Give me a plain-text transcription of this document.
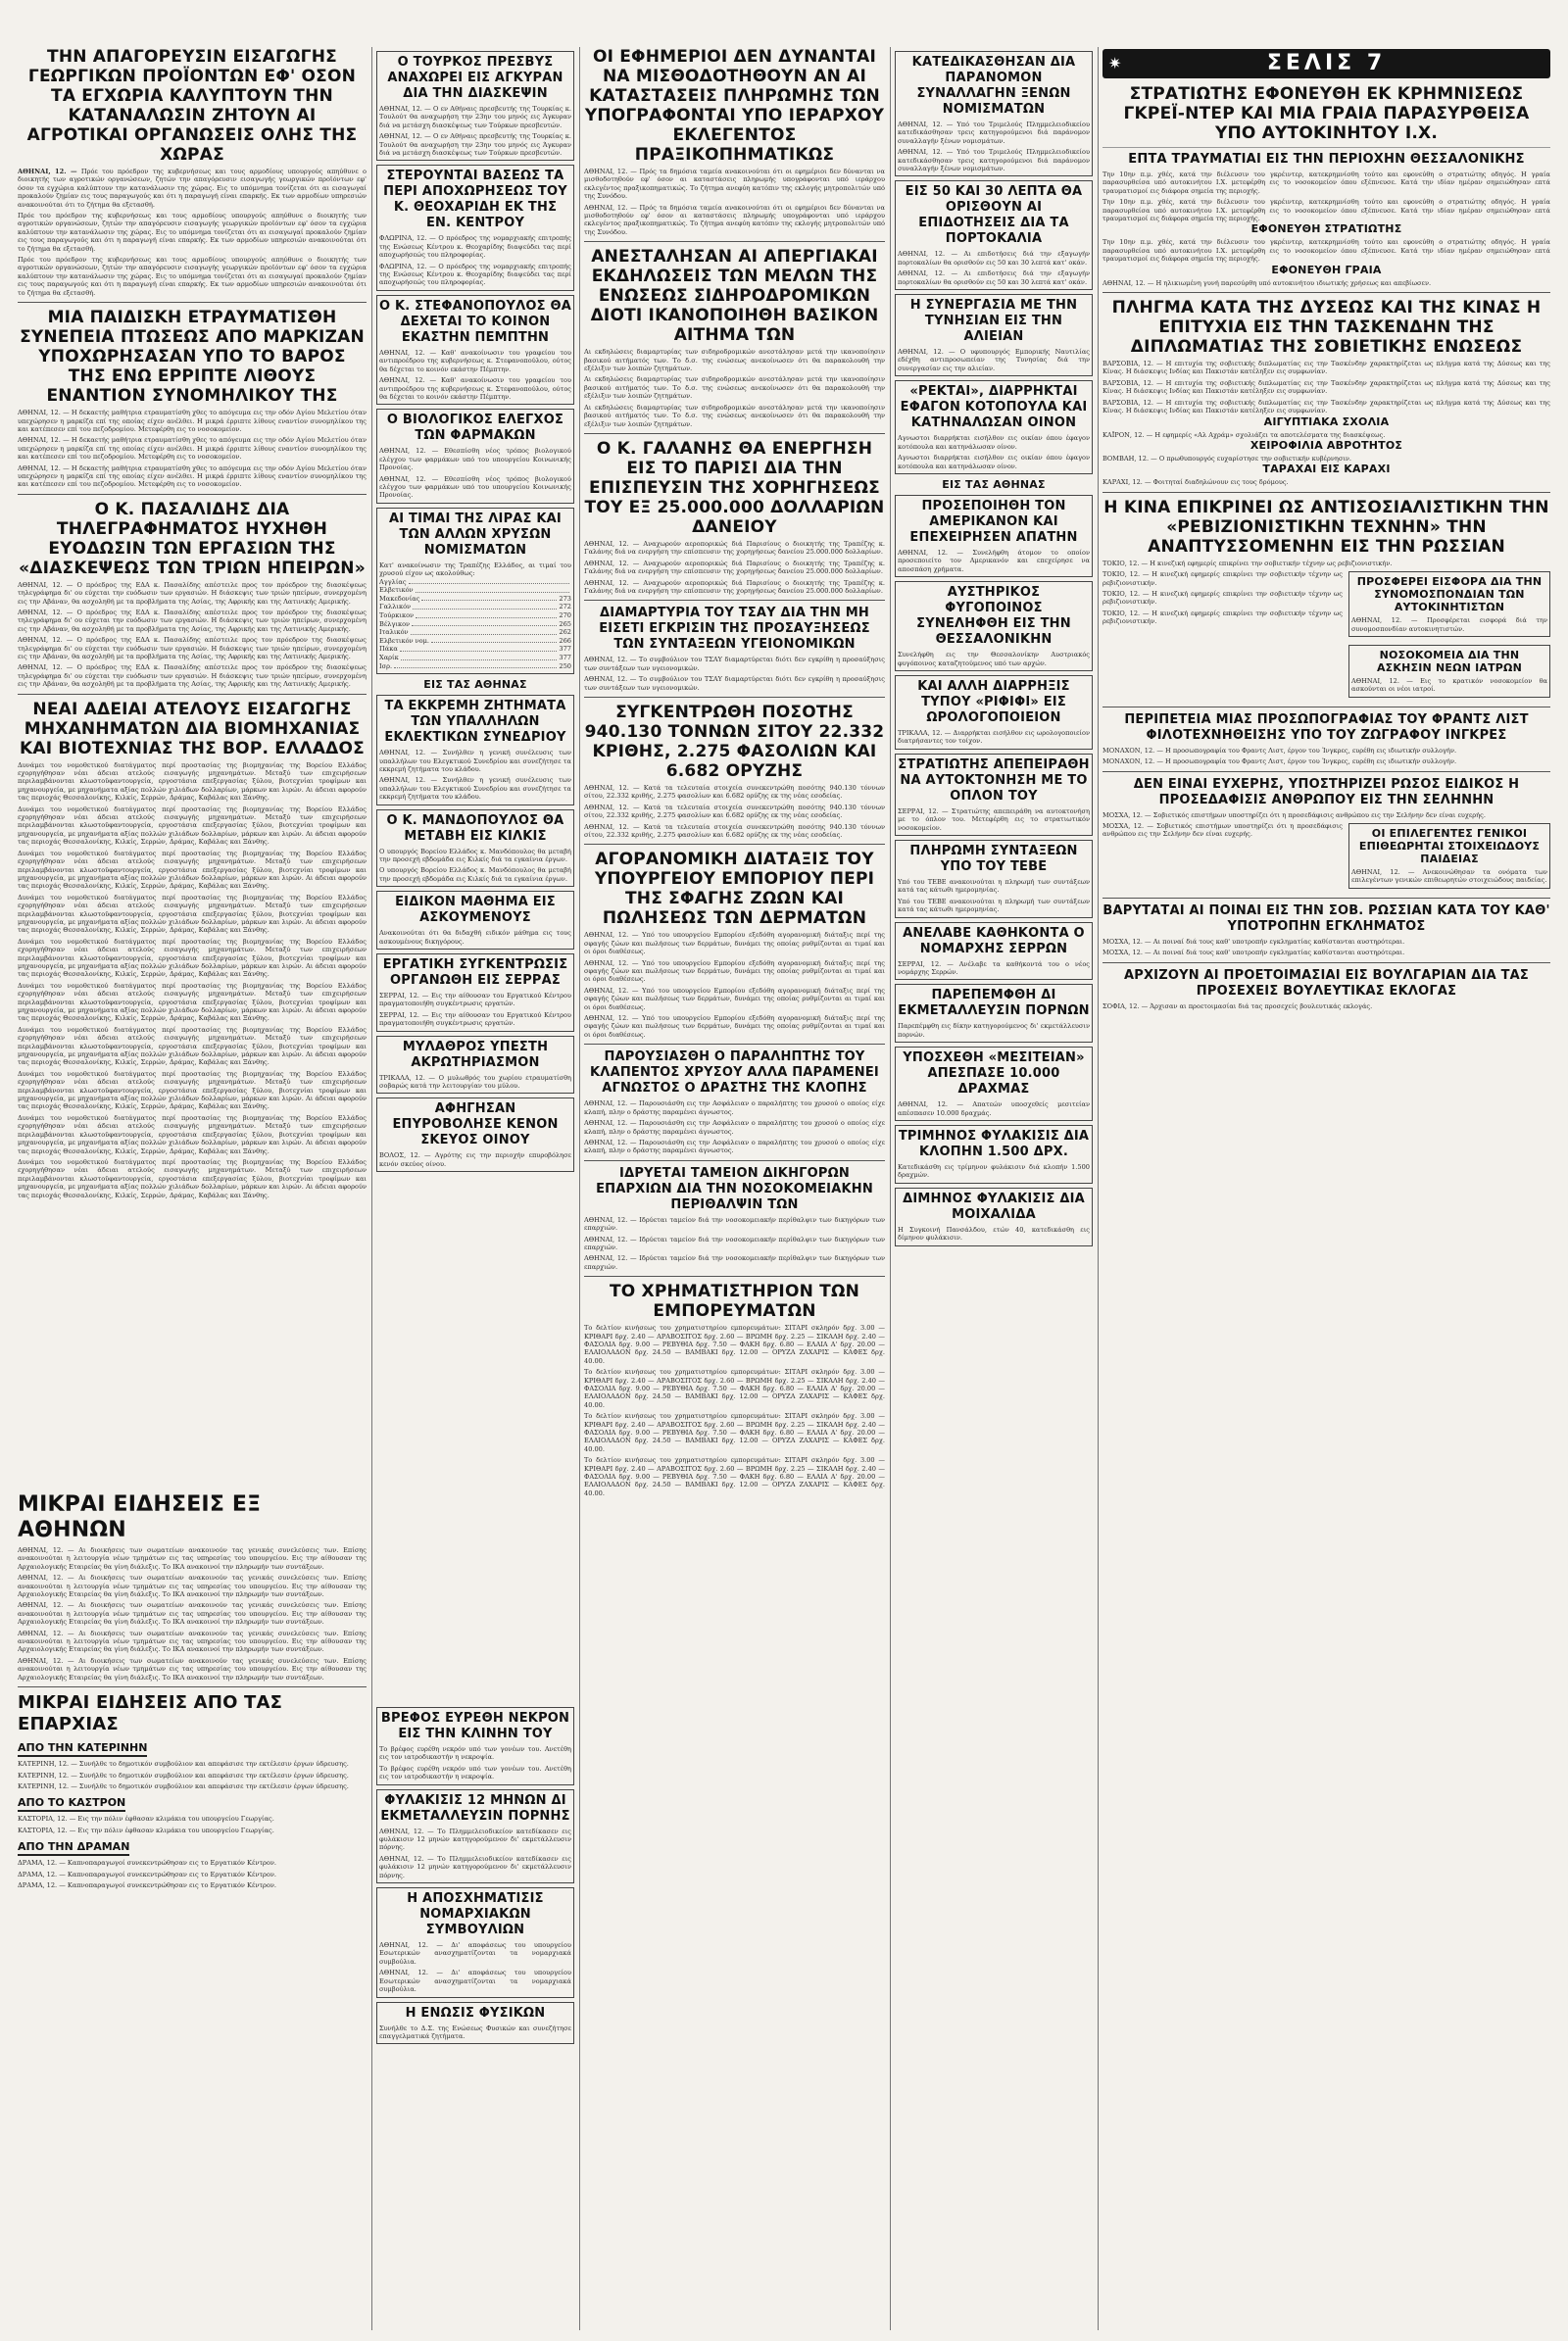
ΤΗΝ ΑΠΑΓΟΡΕΥΣΙΝ ΕΙΣΑΓΩΓΗΣ ΓΕΩΡΓΙΚΩΝ ΠΡΟΪΟΝΤΩΝ ΕΦ' ΟΣΟΝ ΤΑ ΕΓΧΩΡΙΑ ΚΑΛΥΠΤΟΥΝ ΤΗΝ ΚΑΤΑΝΑΛΩΣΙΝ ΖΗΤΟΥΝ ΑΙ ΑΓΡΟΤΙΚΑΙ ΟΡΓΑΝΩΣΕΙΣ ΟΛΗΣ ΤΗΣ ΧΩΡΑΣ
ΑΘΗΝΑΙ, 12. — Πρόε του πρόεδρον της κυβερνήσεως και τους αρμοδίους υπουργούς απηύθυνε ο διοικητής των αγροτικών οργανώσεων, ζητών την απαγόρευσιν εισαγωγής γεωργικών προϊόντων εφ' όσον τα εγχώρια καλύπτουν την κατανάλωσιν της χώρας. Εις το υπόμνημα τονίζεται ότι αι εισαγωγαί προκαλούν ζημίαν εις τους παραγωγούς και ότι η παραγωγή είναι επαρκής. Εκ των αρμοδίων υπηρεσιών ανακοινούται ότι το ζήτημα θα εξετασθή.
Πρόε του πρόεδρον της κυβερνήσεως και τους αρμοδίους υπουργούς απηύθυνε ο διοικητής των αγροτικών οργανώσεων, ζητών την απαγόρευσιν εισαγωγής γεωργικών προϊόντων εφ' όσον τα εγχώρια καλύπτουν την κατανάλωσιν της χώρας. Εις το υπόμνημα τονίζεται ότι αι εισαγωγαί προκαλούν ζημίαν εις τους παραγωγούς και ότι η παραγωγή είναι επαρκής. Εκ των αρμοδίων υπηρεσιών ανακοινούται ότι το ζήτημα θα εξετασθή.
Πρόε του πρόεδρον της κυβερνήσεως και τους αρμοδίους υπουργούς απηύθυνε ο διοικητής των αγροτικών οργανώσεων, ζητών την απαγόρευσιν εισαγωγής γεωργικών προϊόντων εφ' όσον τα εγχώρια καλύπτουν την κατανάλωσιν της χώρας. Εις το υπόμνημα τονίζεται ότι αι εισαγωγαί προκαλούν ζημίαν εις τους παραγωγούς και ότι η παραγωγή είναι επαρκής. Εκ των αρμοδίων υπηρεσιών ανακοινούται ότι το ζήτημα θα εξετασθή.
ΜΙΑ ΠΑΙΔΙΣΚΗ ΕΤΡΑΥΜΑΤΙΣΘΗ ΣΥΝΕΠΕΙΑ ΠΤΩΣΕΩΣ ΑΠΟ ΜΑΡΚΙΖΑΝ ΥΠΟΧΩΡΗΣΑΣΑΝ ΥΠΟ ΤΟ ΒΑΡΟΣ ΤΗΣ ΕΝΩ ΕΡΡΙΠΤΕ ΛΙΘΟΥΣ ΕΝΑΝΤΙΟΝ ΣΥΝΟΜΗΛΙΚΟΥ ΤΗΣ
ΑΘΗΝΑΙ, 12. — Η δεκαετής μαθήτρια ετραυματίσθη χθες το απόγευμα εις την οδόν Αγίου Μελετίου όταν υπεχώρησεν η μαρκίζα επί της οποίας είχεν ανέλθει. Η μικρά έρριπτε λίθους εναντίον συνομηλίκου της και κατέπεσεν επί του πεζοδρομίου. Μετεφέρθη εις το νοσοκομείον.
ΑΘΗΝΑΙ, 12. — Η δεκαετής μαθήτρια ετραυματίσθη χθες το απόγευμα εις την οδόν Αγίου Μελετίου όταν υπεχώρησεν η μαρκίζα επί της οποίας είχεν ανέλθει. Η μικρά έρριπτε λίθους εναντίον συνομηλίκου της και κατέπεσεν επί του πεζοδρομίου. Μετεφέρθη εις το νοσοκομείον.
ΑΘΗΝΑΙ, 12. — Η δεκαετής μαθήτρια ετραυματίσθη χθες το απόγευμα εις την οδόν Αγίου Μελετίου όταν υπεχώρησεν η μαρκίζα επί της οποίας είχεν ανέλθει. Η μικρά έρριπτε λίθους εναντίον συνομηλίκου της και κατέπεσεν επί του πεζοδρομίου. Μετεφέρθη εις το νοσοκομείον.
Ο Κ. ΠΑΣΑΛΙΔΗΣ ΔΙΑ ΤΗΛΕΓΡΑΦΗΜΑΤΟΣ ΗΥΧΗΘΗ ΕΥΟΔΩΣΙΝ ΤΩΝ ΕΡΓΑΣΙΩΝ ΤΗΣ «ΔΙΑΣΚΕΨΕΩΣ ΤΩΝ ΤΡΙΩΝ ΗΠΕΙΡΩΝ»
ΑΘΗΝΑΙ, 12. — Ο πρόεδρος της ΕΔΑ κ. Πασαλίδης απέστειλε προς τον πρόεδρον της διασκέψεως τηλεγράφημα δι' ου εύχεται την ευόδωσιν των εργασιών. Η διάσκεψις των τριών ηπείρων, συνερχομένη εις την Αβάναν, θα ασχοληθή με τα προβλήματα της Ασίας, της Αφρικής και της Λατινικής Αμερικής.
ΑΘΗΝΑΙ, 12. — Ο πρόεδρος της ΕΔΑ κ. Πασαλίδης απέστειλε προς τον πρόεδρον της διασκέψεως τηλεγράφημα δι' ου εύχεται την ευόδωσιν των εργασιών. Η διάσκεψις των τριών ηπείρων, συνερχομένη εις την Αβάναν, θα ασχοληθή με τα προβλήματα της Ασίας, της Αφρικής και της Λατινικής Αμερικής.
ΑΘΗΝΑΙ, 12. — Ο πρόεδρος της ΕΔΑ κ. Πασαλίδης απέστειλε προς τον πρόεδρον της διασκέψεως τηλεγράφημα δι' ου εύχεται την ευόδωσιν των εργασιών. Η διάσκεψις των τριών ηπείρων, συνερχομένη εις την Αβάναν, θα ασχοληθή με τα προβλήματα της Ασίας, της Αφρικής και της Λατινικής Αμερικής.
ΑΘΗΝΑΙ, 12. — Ο πρόεδρος της ΕΔΑ κ. Πασαλίδης απέστειλε προς τον πρόεδρον της διασκέψεως τηλεγράφημα δι' ου εύχεται την ευόδωσιν των εργασιών. Η διάσκεψις των τριών ηπείρων, συνερχομένη εις την Αβάναν, θα ασχοληθή με τα προβλήματα της Ασίας, της Αφρικής και της Λατινικής Αμερικής.
ΝΕΑΙ ΑΔΕΙΑΙ ΑΤΕΛΟΥΣ ΕΙΣΑΓΩΓΗΣ ΜΗΧΑΝΗΜΑΤΩΝ ΔΙΑ ΒΙΟΜΗΧΑΝΙΑΣ ΚΑΙ ΒΙΟΤΕΧΝΙΑΣ ΤΗΣ ΒΟΡ. ΕΛΛΑΔΟΣ
Δυνάμει του νομοθετικού διατάγματος περί προστασίας της βιομηχανίας της Βορείου Ελλάδος εχορηγήθησαν νέαι άδειαι ατελούς εισαγωγής μηχανημάτων. Μεταξύ των επιχειρήσεων περιλαμβάνονται κλωστοϋφαντουργεία, εργοστάσια επεξεργασίας ξύλου, βιοτεχνίαι τροφίμων και μηχανουργεία, με μηχανήματα αξίας πολλών χιλιάδων δολλαρίων, μάρκων και λιρών. Αι άδειαι αφορούν τας περιοχάς Θεσσαλονίκης, Κιλκίς, Σερρών, Δράμας, Καβάλας και Ξάνθης.
Δυνάμει του νομοθετικού διατάγματος περί προστασίας της βιομηχανίας της Βορείου Ελλάδος εχορηγήθησαν νέαι άδειαι ατελούς εισαγωγής μηχανημάτων. Μεταξύ των επιχειρήσεων περιλαμβάνονται κλωστοϋφαντουργεία, εργοστάσια επεξεργασίας ξύλου, βιοτεχνίαι τροφίμων και μηχανουργεία, με μηχανήματα αξίας πολλών χιλιάδων δολλαρίων, μάρκων και λιρών. Αι άδειαι αφορούν τας περιοχάς Θεσσαλονίκης, Κιλκίς, Σερρών, Δράμας, Καβάλας και Ξάνθης.
Δυνάμει του νομοθετικού διατάγματος περί προστασίας της βιομηχανίας της Βορείου Ελλάδος εχορηγήθησαν νέαι άδειαι ατελούς εισαγωγής μηχανημάτων. Μεταξύ των επιχειρήσεων περιλαμβάνονται κλωστοϋφαντουργεία, εργοστάσια επεξεργασίας ξύλου, βιοτεχνίαι τροφίμων και μηχανουργεία, με μηχανήματα αξίας πολλών χιλιάδων δολλαρίων, μάρκων και λιρών. Αι άδειαι αφορούν τας περιοχάς Θεσσαλονίκης, Κιλκίς, Σερρών, Δράμας, Καβάλας και Ξάνθης.
Δυνάμει του νομοθετικού διατάγματος περί προστασίας της βιομηχανίας της Βορείου Ελλάδος εχορηγήθησαν νέαι άδειαι ατελούς εισαγωγής μηχανημάτων. Μεταξύ των επιχειρήσεων περιλαμβάνονται κλωστοϋφαντουργεία, εργοστάσια επεξεργασίας ξύλου, βιοτεχνίαι τροφίμων και μηχανουργεία, με μηχανήματα αξίας πολλών χιλιάδων δολλαρίων, μάρκων και λιρών. Αι άδειαι αφορούν τας περιοχάς Θεσσαλονίκης, Κιλκίς, Σερρών, Δράμας, Καβάλας και Ξάνθης.
Δυνάμει του νομοθετικού διατάγματος περί προστασίας της βιομηχανίας της Βορείου Ελλάδος εχορηγήθησαν νέαι άδειαι ατελούς εισαγωγής μηχανημάτων. Μεταξύ των επιχειρήσεων περιλαμβάνονται κλωστοϋφαντουργεία, εργοστάσια επεξεργασίας ξύλου, βιοτεχνίαι τροφίμων και μηχανουργεία, με μηχανήματα αξίας πολλών χιλιάδων δολλαρίων, μάρκων και λιρών. Αι άδειαι αφορούν τας περιοχάς Θεσσαλονίκης, Κιλκίς, Σερρών, Δράμας, Καβάλας και Ξάνθης.
Δυνάμει του νομοθετικού διατάγματος περί προστασίας της βιομηχανίας της Βορείου Ελλάδος εχορηγήθησαν νέαι άδειαι ατελούς εισαγωγής μηχανημάτων. Μεταξύ των επιχειρήσεων περιλαμβάνονται κλωστοϋφαντουργεία, εργοστάσια επεξεργασίας ξύλου, βιοτεχνίαι τροφίμων και μηχανουργεία, με μηχανήματα αξίας πολλών χιλιάδων δολλαρίων, μάρκων και λιρών. Αι άδειαι αφορούν τας περιοχάς Θεσσαλονίκης, Κιλκίς, Σερρών, Δράμας, Καβάλας και Ξάνθης.
Δυνάμει του νομοθετικού διατάγματος περί προστασίας της βιομηχανίας της Βορείου Ελλάδος εχορηγήθησαν νέαι άδειαι ατελούς εισαγωγής μηχανημάτων. Μεταξύ των επιχειρήσεων περιλαμβάνονται κλωστοϋφαντουργεία, εργοστάσια επεξεργασίας ξύλου, βιοτεχνίαι τροφίμων και μηχανουργεία, με μηχανήματα αξίας πολλών χιλιάδων δολλαρίων, μάρκων και λιρών. Αι άδειαι αφορούν τας περιοχάς Θεσσαλονίκης, Κιλκίς, Σερρών, Δράμας, Καβάλας και Ξάνθης.
Δυνάμει του νομοθετικού διατάγματος περί προστασίας της βιομηχανίας της Βορείου Ελλάδος εχορηγήθησαν νέαι άδειαι ατελούς εισαγωγής μηχανημάτων. Μεταξύ των επιχειρήσεων περιλαμβάνονται κλωστοϋφαντουργεία, εργοστάσια επεξεργασίας ξύλου, βιοτεχνίαι τροφίμων και μηχανουργεία, με μηχανήματα αξίας πολλών χιλιάδων δολλαρίων, μάρκων και λιρών. Αι άδειαι αφορούν τας περιοχάς Θεσσαλονίκης, Κιλκίς, Σερρών, Δράμας, Καβάλας και Ξάνθης.
Δυνάμει του νομοθετικού διατάγματος περί προστασίας της βιομηχανίας της Βορείου Ελλάδος εχορηγήθησαν νέαι άδειαι ατελούς εισαγωγής μηχανημάτων. Μεταξύ των επιχειρήσεων περιλαμβάνονται κλωστοϋφαντουργεία, εργοστάσια επεξεργασίας ξύλου, βιοτεχνίαι τροφίμων και μηχανουργεία, με μηχανήματα αξίας πολλών χιλιάδων δολλαρίων, μάρκων και λιρών. Αι άδειαι αφορούν τας περιοχάς Θεσσαλονίκης, Κιλκίς, Σερρών, Δράμας, Καβάλας και Ξάνθης.
Δυνάμει του νομοθετικού διατάγματος περί προστασίας της βιομηχανίας της Βορείου Ελλάδος εχορηγήθησαν νέαι άδειαι ατελούς εισαγωγής μηχανημάτων. Μεταξύ των επιχειρήσεων περιλαμβάνονται κλωστοϋφαντουργεία, εργοστάσια επεξεργασίας ξύλου, βιοτεχνίαι τροφίμων και μηχανουργεία, με μηχανήματα αξίας πολλών χιλιάδων δολλαρίων, μάρκων και λιρών. Αι άδειαι αφορούν τας περιοχάς Θεσσαλονίκης, Κιλκίς, Σερρών, Δράμας, Καβάλας και Ξάνθης.
ΜΙΚΡΑΙ ΕΙΔΗΣΕΙΣ ΕΞ ΑΘΗΝΩΝ
ΑΘΗΝΑΙ, 12. — Αι διοικήσεις των σωματείων ανακοινούν τας γενικάς συνελεύσεις των. Επίσης ανακοινούται η λειτουργία νέων τμημάτων εις τας υπηρεσίας του υπουργείου. Εις την αίθουσαν της Αρχαιολογικής Εταιρείας θα γίνη διάλεξις. Το ΙΚΑ ανακοινοί την πληρωμήν των συντάξεων.
ΑΘΗΝΑΙ, 12. — Αι διοικήσεις των σωματείων ανακοινούν τας γενικάς συνελεύσεις των. Επίσης ανακοινούται η λειτουργία νέων τμημάτων εις τας υπηρεσίας του υπουργείου. Εις την αίθουσαν της Αρχαιολογικής Εταιρείας θα γίνη διάλεξις. Το ΙΚΑ ανακοινοί την πληρωμήν των συντάξεων.
ΑΘΗΝΑΙ, 12. — Αι διοικήσεις των σωματείων ανακοινούν τας γενικάς συνελεύσεις των. Επίσης ανακοινούται η λειτουργία νέων τμημάτων εις τας υπηρεσίας του υπουργείου. Εις την αίθουσαν της Αρχαιολογικής Εταιρείας θα γίνη διάλεξις. Το ΙΚΑ ανακοινοί την πληρωμήν των συντάξεων.
ΑΘΗΝΑΙ, 12. — Αι διοικήσεις των σωματείων ανακοινούν τας γενικάς συνελεύσεις των. Επίσης ανακοινούται η λειτουργία νέων τμημάτων εις τας υπηρεσίας του υπουργείου. Εις την αίθουσαν της Αρχαιολογικής Εταιρείας θα γίνη διάλεξις. Το ΙΚΑ ανακοινοί την πληρωμήν των συντάξεων.
ΑΘΗΝΑΙ, 12. — Αι διοικήσεις των σωματείων ανακοινούν τας γενικάς συνελεύσεις των. Επίσης ανακοινούται η λειτουργία νέων τμημάτων εις τας υπηρεσίας του υπουργείου. Εις την αίθουσαν της Αρχαιολογικής Εταιρείας θα γίνη διάλεξις. Το ΙΚΑ ανακοινοί την πληρωμήν των συντάξεων.
ΜΙΚΡΑΙ ΕΙΔΗΣΕΙΣ ΑΠΟ ΤΑΣ ΕΠΑΡΧΙΑΣ
ΑΠΟ ΤΗΝ ΚΑΤΕΡΙΝΗΝ
ΚΑΤΕΡΙΝΗ, 12. — Συνήλθε το δημοτικόν συμβούλιον και απεφάσισε την εκτέλεσιν έργων ύδρευσης.
ΚΑΤΕΡΙΝΗ, 12. — Συνήλθε το δημοτικόν συμβούλιον και απεφάσισε την εκτέλεσιν έργων ύδρευσης.
ΚΑΤΕΡΙΝΗ, 12. — Συνήλθε το δημοτικόν συμβούλιον και απεφάσισε την εκτέλεσιν έργων ύδρευσης.
ΑΠΟ ΤΟ ΚΑΣΤΡΟΝ
ΚΑΣΤΟΡΙΑ, 12. — Εις την πόλιν έφθασαν κλιμάκια του υπουργείου Γεωργίας.
ΚΑΣΤΟΡΙΑ, 12. — Εις την πόλιν έφθασαν κλιμάκια του υπουργείου Γεωργίας.
ΑΠΟ ΤΗΝ ΔΡΑΜΑΝ
ΔΡΑΜΑ, 12. — Καπνοπαραγωγοί συνεκεντρώθησαν εις το Εργατικόν Κέντρον.
ΔΡΑΜΑ, 12. — Καπνοπαραγωγοί συνεκεντρώθησαν εις το Εργατικόν Κέντρον.
ΔΡΑΜΑ, 12. — Καπνοπαραγωγοί συνεκεντρώθησαν εις το Εργατικόν Κέντρον.
Ο ΤΟΥΡΚΟΣ ΠΡΕΣΒΥΣ ΑΝΑΧΩΡΕΙ ΕΙΣ ΑΓΚΥΡΑΝ ΔΙΑ ΤΗΝ ΔΙΑΣΚΕΨΙΝ
ΑΘΗΝΑΙ, 12. — Ο εν Αθήναις πρεσβευτής της Τουρκίας κ. Τουλούτ θα αναχωρήση την 23ην του μηνός εις Άγκυραν διά να μετάσχη διασκέψεως των Τούρκων πρεσβευτών.
ΑΘΗΝΑΙ, 12. — Ο εν Αθήναις πρεσβευτής της Τουρκίας κ. Τουλούτ θα αναχωρήση την 23ην του μηνός εις Άγκυραν διά να μετάσχη διασκέψεως των Τούρκων πρεσβευτών.
ΣΤΕΡΟΥΝΤΑΙ ΒΑΣΕΩΣ ΤΑ ΠΕΡΙ ΑΠΟΧΩΡΗΣΕΩΣ ΤΟΥ Κ. ΘΕΟΧΑΡΙΔΗ ΕΚ ΤΗΣ ΕΝ. ΚΕΝΤΡΟΥ
ΦΛΩΡΙΝΑ, 12. — Ο πρόεδρος της νομαρχιακής επιτροπής της Ενώσεως Κέντρου κ. Θεοχαρίδης διαψεύδει τας περί αποχωρήσεώς του πληροφορίας.
ΦΛΩΡΙΝΑ, 12. — Ο πρόεδρος της νομαρχιακής επιτροπής της Ενώσεως Κέντρου κ. Θεοχαρίδης διαψεύδει τας περί αποχωρήσεώς του πληροφορίας.
Ο Κ. ΣΤΕΦΑΝΟΠΟΥΛΟΣ ΘΑ ΔΕΧΕΤΑΙ ΤΟ ΚΟΙΝΟΝ ΕΚΑΣΤΗΝ ΠΕΜΠΤΗΝ
ΑΘΗΝΑΙ, 12. — Καθ' ανακοίνωσιν του γραφείου του αντιπροέδρου της κυβερνήσεως κ. Στεφανοπούλου, ούτος θα δέχεται το κοινόν εκάστην Πέμπτην.
ΑΘΗΝΑΙ, 12. — Καθ' ανακοίνωσιν του γραφείου του αντιπροέδρου της κυβερνήσεως κ. Στεφανοπούλου, ούτος θα δέχεται το κοινόν εκάστην Πέμπτην.
Ο ΒΙΟΛΟΓΙΚΟΣ ΕΛΕΓΧΟΣ ΤΩΝ ΦΑΡΜΑΚΩΝ
ΑΘΗΝΑΙ, 12. — Εθεσπίσθη νέος τρόπος βιολογικού ελέγχου των φαρμάκων υπό του υπουργείου Κοινωνικής Προνοίας.
ΑΘΗΝΑΙ, 12. — Εθεσπίσθη νέος τρόπος βιολογικού ελέγχου των φαρμάκων υπό του υπουργείου Κοινωνικής Προνοίας.
ΑΙ ΤΙΜΑΙ ΤΗΣ ΛΙΡΑΣ ΚΑΙ ΤΩΝ ΑΛΛΩΝ ΧΡΥΣΩΝ ΝΟΜΙΣΜΑΤΩΝ
Κατ' ανακοίνωσιν της Τραπέζης Ελλάδος, αι τιμαί του χρυσού είχον ως ακολούθως:
Αγγλίας
Ελβετικόν
Μακεδονίας	273
Γαλλικόν	272
Τούρκικον	270
Βέλγικον	265
Ιταλικόν	262
Ελβετικόν νομ.	266
Πάκα	377
Χαρίκ	377
Ισρ.	250
ΕΙΣ ΤΑΣ ΑΘΗΝΑΣ
ΤΑ ΕΚΚΡΕΜΗ ΖΗΤΗΜΑΤΑ ΤΩΝ ΥΠΑΛΛΗΛΩΝ ΕΚΛΕΚΤΙΚΩΝ ΣΥΝΕΔΡΙΟΥ
ΑΘΗΝΑΙ, 12. — Συνήλθεν η γενική συνέλευσις των υπαλλήλων του Ελεγκτικού Συνεδρίου και συνεζήτησε τα εκκρεμή ζητήματα του κλάδου.
ΑΘΗΝΑΙ, 12. — Συνήλθεν η γενική συνέλευσις των υπαλλήλων του Ελεγκτικού Συνεδρίου και συνεζήτησε τα εκκρεμή ζητήματα του κλάδου.
Ο Κ. ΜΑΝΔΟΠΟΥΛΟΣ ΘΑ ΜΕΤΑΒΗ ΕΙΣ ΚΙΛΚΙΣ
Ο υπουργός Βορείου Ελλάδος κ. Μανδόπουλος θα μεταβή την προσεχή εβδομάδα εις Κιλκίς διά τα εγκαίνια έργων.
Ο υπουργός Βορείου Ελλάδος κ. Μανδόπουλος θα μεταβή την προσεχή εβδομάδα εις Κιλκίς διά τα εγκαίνια έργων.
ΕΙΔΙΚΟΝ ΜΑΘΗΜΑ ΕΙΣ ΑΣΚΟΥΜΕΝΟΥΣ
Ανακοινούται ότι θα διδαχθή ειδικόν μάθημα εις τους ασκουμένους δικηγόρους.
ΕΡΓΑΤΙΚΗ ΣΥΓΚΕΝΤΡΩΣΙΣ ΟΡΓΑΝΩΘΗ ΕΙΣ ΣΕΡΡΑΣ
ΣΕΡΡΑΙ, 12. — Εις την αίθουσαν του Εργατικού Κέντρου πραγματοποιήθη συγκέντρωσις εργατών.
ΣΕΡΡΑΙ, 12. — Εις την αίθουσαν του Εργατικού Κέντρου πραγματοποιήθη συγκέντρωσις εργατών.
ΜΥΛΑΘΡΟΣ ΥΠΕΣΤΗ ΑΚΡΩΤΗΡΙΑΣΜΟΝ
ΤΡΙΚΑΛΑ, 12. — Ο μυλωθρός του χωρίου ετραυματίσθη σοβαρώς κατά την λειτουργίαν του μύλου.
ΑΦΗΓΗΣΑΝ ΕΠΥΡΟΒΟΛΗΣΕ ΚΕΝΟΝ ΣΚΕΥΟΣ ΟΙΝΟΥ
ΒΟΛΟΣ, 12. — Αγρότης εις την περιοχήν επυροβόλησε κενόν σκεύος οίνου.
ΒΡΕΦΟΣ ΕΥΡΕΘΗ ΝΕΚΡΟΝ ΕΙΣ ΤΗΝ ΚΛΙΝΗΝ ΤΟΥ
Το βρέφος ευρέθη νεκρόν υπό των γονέων του. Ανετέθη εις τον ιατροδικαστήν η νεκροψία.
Το βρέφος ευρέθη νεκρόν υπό των γονέων του. Ανετέθη εις τον ιατροδικαστήν η νεκροψία.
ΦΥΛΑΚΙΣΙΣ 12 ΜΗΝΩΝ ΔΙ ΕΚΜΕΤΑΛΛΕΥΣΙΝ ΠΟΡΝΗΣ
ΑΘΗΝΑΙ, 12. — Το Πλημμελειοδικείον κατεδίκασεν εις φυλάκισιν 12 μηνών κατηγορούμενον δι' εκμετάλλευσιν πόρνης.
ΑΘΗΝΑΙ, 12. — Το Πλημμελειοδικείον κατεδίκασεν εις φυλάκισιν 12 μηνών κατηγορούμενον δι' εκμετάλλευσιν πόρνης.
Η ΑΠΟΣΧΗΜΑΤΙΣΙΣ ΝΟΜΑΡΧΙΑΚΩΝ ΣΥΜΒΟΥΛΙΩΝ
ΑΘΗΝΑΙ, 12. — Δι' αποφάσεως του υπουργείου Εσωτερικών ανασχηματίζονται τα νομαρχιακά συμβούλια.
ΑΘΗΝΑΙ, 12. — Δι' αποφάσεως του υπουργείου Εσωτερικών ανασχηματίζονται τα νομαρχιακά συμβούλια.
Η ΕΝΩΣΙΣ ΦΥΣΙΚΩΝ
Συνήλθε το Δ.Σ. της Ενώσεως Φυσικών και συνεζήτησε επαγγελματικά ζητήματα.
ΟΙ ΕΦΗΜΕΡΙΟΙ ΔΕΝ ΔΥΝΑΝΤΑΙ ΝΑ ΜΙΣΘΟΔΟΤΗΘΟΥΝ ΑΝ ΑΙ ΚΑΤΑΣΤΑΣΕΙΣ ΠΛΗΡΩΜΗΣ ΤΩΝ ΥΠΟΓΡΑΦΟΝΤΑΙ ΥΠΟ ΙΕΡΑΡΧΟΥ ΕΚΛΕΓΕΝΤΟΣ ΠΡΑΞΙΚΟΠΗΜΑΤΙΚΩΣ
ΑΘΗΝΑΙ, 12. — Πρός τα δημόσια ταμεία ανακοινούται ότι οι εφημέριοι δεν δύνανται να μισθοδοτηθούν εφ' όσον αι καταστάσεις πληρωμής υπογράφονται υπό ιεράρχου εκλεγέντος πραξικοπηματικώς. Το ζήτημα ανεφύη κατόπιν της εκλογής μητροπολιτών υπό της Συνόδου.
ΑΘΗΝΑΙ, 12. — Πρός τα δημόσια ταμεία ανακοινούται ότι οι εφημέριοι δεν δύνανται να μισθοδοτηθούν εφ' όσον αι καταστάσεις πληρωμής υπογράφονται υπό ιεράρχου εκλεγέντος πραξικοπηματικώς. Το ζήτημα ανεφύη κατόπιν της εκλογής μητροπολιτών υπό της Συνόδου.
ΑΝΕΣΤΑΛΗΣΑΝ ΑΙ ΑΠΕΡΓΙΑΚΑΙ ΕΚΔΗΛΩΣΕΙΣ ΤΩΝ ΜΕΛΩΝ ΤΗΣ ΕΝΩΣΕΩΣ ΣΙΔΗΡΟΔΡΟΜΙΚΩΝ ΔΙΟΤΙ ΙΚΑΝΟΠΟΙΗΘΗ ΒΑΣΙΚΟΝ ΑΙΤΗΜΑ ΤΩΝ
Αι εκδηλώσεις διαμαρτυρίας των σιδηροδρομικών ανεστάλησαν μετά την ικανοποίησιν βασικού αιτήματός των. Το δ.σ. της ενώσεως ανεκοίνωσεν ότι θα παρακολουθή την εξέλιξιν των λοιπών ζητημάτων.
Αι εκδηλώσεις διαμαρτυρίας των σιδηροδρομικών ανεστάλησαν μετά την ικανοποίησιν βασικού αιτήματός των. Το δ.σ. της ενώσεως ανεκοίνωσεν ότι θα παρακολουθή την εξέλιξιν των λοιπών ζητημάτων.
Αι εκδηλώσεις διαμαρτυρίας των σιδηροδρομικών ανεστάλησαν μετά την ικανοποίησιν βασικού αιτήματός των. Το δ.σ. της ενώσεως ανεκοίνωσεν ότι θα παρακολουθή την εξέλιξιν των λοιπών ζητημάτων.
Ο Κ. ΓΑΛΑΝΗΣ ΘΑ ΕΝΕΡΓΗΣΗ ΕΙΣ ΤΟ ΠΑΡΙΣΙ ΔΙΑ ΤΗΝ ΕΠΙΣΠΕΥΣΙΝ ΤΗΣ ΧΟΡΗΓΗΣΕΩΣ ΤΟΥ ΕΞ 25.000.000 ΔΟΛΛΑΡΙΩΝ ΔΑΝΕΙΟΥ
ΑΘΗΝΑΙ, 12. — Αναχωρούν αεροπορικώς διά Παρισίους ο διοικητής της Τραπέζης κ. Γαλάνης διά να ενεργήση την επίσπευσιν της χορηγήσεως δανείου 25.000.000 δολλαρίων.
ΑΘΗΝΑΙ, 12. — Αναχωρούν αεροπορικώς διά Παρισίους ο διοικητής της Τραπέζης κ. Γαλάνης διά να ενεργήση την επίσπευσιν της χορηγήσεως δανείου 25.000.000 δολλαρίων.
ΑΘΗΝΑΙ, 12. — Αναχωρούν αεροπορικώς διά Παρισίους ο διοικητής της Τραπέζης κ. Γαλάνης διά να ενεργήση την επίσπευσιν της χορηγήσεως δανείου 25.000.000 δολλαρίων.
ΔΙΑΜΑΡΤΥΡΙΑ ΤΟΥ ΤΣΑΥ ΔΙΑ ΤΗΝ ΜΗ ΕΙΣΕΤΙ ΕΓΚΡΙΣΙΝ ΤΗΣ ΠΡΟΣΑΥΞΗΣΕΩΣ ΤΩΝ ΣΥΝΤΑΞΕΩΝ ΥΓΕΙΟΝΟΜΙΚΩΝ
ΑΘΗΝΑΙ, 12. — Το συμβούλιον του ΤΣΑΥ διαμαρτύρεται διότι δεν εγκρίθη η προσαύξησις των συντάξεων των υγειονομικών.
ΑΘΗΝΑΙ, 12. — Το συμβούλιον του ΤΣΑΥ διαμαρτύρεται διότι δεν εγκρίθη η προσαύξησις των συντάξεων των υγειονομικών.
ΣΥΓΚΕΝΤΡΩΘΗ ΠΟΣΟΤΗΣ 940.130 ΤΟΝΝΩΝ ΣΙΤΟΥ 22.332 ΚΡΙΘΗΣ, 2.275 ΦΑΣΟΛΙΩΝ ΚΑΙ 6.682 ΟΡΥΖΗΣ
ΑΘΗΝΑΙ, 12. — Κατά τα τελευταία στοιχεία συνεκεντρώθη ποσότης 940.130 τόννων σίτου, 22.332 κριθής, 2.275 φασολίων και 6.682 ορύζης εκ της νέας εσοδείας.
ΑΘΗΝΑΙ, 12. — Κατά τα τελευταία στοιχεία συνεκεντρώθη ποσότης 940.130 τόννων σίτου, 22.332 κριθής, 2.275 φασολίων και 6.682 ορύζης εκ της νέας εσοδείας.
ΑΘΗΝΑΙ, 12. — Κατά τα τελευταία στοιχεία συνεκεντρώθη ποσότης 940.130 τόννων σίτου, 22.332 κριθής, 2.275 φασολίων και 6.682 ορύζης εκ της νέας εσοδείας.
ΑΓΟΡΑΝΟΜΙΚΗ ΔΙΑΤΑΞΙΣ ΤΟΥ ΥΠΟΥΡΓΕΙΟΥ ΕΜΠΟΡΙΟΥ ΠΕΡΙ ΤΗΣ ΣΦΑΓΗΣ ΖΩΩΝ ΚΑΙ ΠΩΛΗΣΕΩΣ ΤΩΝ ΔΕΡΜΑΤΩΝ
ΑΘΗΝΑΙ, 12. — Υπό του υπουργείου Εμπορίου εξεδόθη αγορανομική διάταξις περί της σφαγής ζώων και πωλήσεως των δερμάτων, δυνάμει της οποίας ρυθμίζονται αι τιμαί και οι όροι διαθέσεως.
ΑΘΗΝΑΙ, 12. — Υπό του υπουργείου Εμπορίου εξεδόθη αγορανομική διάταξις περί της σφαγής ζώων και πωλήσεως των δερμάτων, δυνάμει της οποίας ρυθμίζονται αι τιμαί και οι όροι διαθέσεως.
ΑΘΗΝΑΙ, 12. — Υπό του υπουργείου Εμπορίου εξεδόθη αγορανομική διάταξις περί της σφαγής ζώων και πωλήσεως των δερμάτων, δυνάμει της οποίας ρυθμίζονται αι τιμαί και οι όροι διαθέσεως.
ΑΘΗΝΑΙ, 12. — Υπό του υπουργείου Εμπορίου εξεδόθη αγορανομική διάταξις περί της σφαγής ζώων και πωλήσεως των δερμάτων, δυνάμει της οποίας ρυθμίζονται αι τιμαί και οι όροι διαθέσεως.
ΠΑΡΟΥΣΙΑΣΘΗ Ο ΠΑΡΑΛΗΠΤΗΣ ΤΟΥ ΚΛΑΠΕΝΤΟΣ ΧΡΥΣΟΥ ΑΛΛΑ ΠΑΡΑΜΕΝΕΙ ΑΓΝΩΣΤΟΣ Ο ΔΡΑΣΤΗΣ ΤΗΣ ΚΛΟΠΗΣ
ΑΘΗΝΑΙ, 12. — Παρουσιάσθη εις την Ασφάλειαν ο παραλήπτης του χρυσού ο οποίος είχε κλαπή, πλην ο δράστης παραμένει άγνωστος.
ΑΘΗΝΑΙ, 12. — Παρουσιάσθη εις την Ασφάλειαν ο παραλήπτης του χρυσού ο οποίος είχε κλαπή, πλην ο δράστης παραμένει άγνωστος.
ΑΘΗΝΑΙ, 12. — Παρουσιάσθη εις την Ασφάλειαν ο παραλήπτης του χρυσού ο οποίος είχε κλαπή, πλην ο δράστης παραμένει άγνωστος.
ΙΔΡΥΕΤΑΙ ΤΑΜΕΙΟΝ ΔΙΚΗΓΟΡΩΝ ΕΠΑΡΧΙΩΝ ΔΙΑ ΤΗΝ ΝΟΣΟΚΟΜΕΙΑΚΗΝ ΠΕΡΙΘΑΛΨΙΝ ΤΩΝ
ΑΘΗΝΑΙ, 12. — Ιδρύεται ταμείον διά την νοσοκομειακήν περίθαλψιν των δικηγόρων των επαρχιών.
ΑΘΗΝΑΙ, 12. — Ιδρύεται ταμείον διά την νοσοκομειακήν περίθαλψιν των δικηγόρων των επαρχιών.
ΑΘΗΝΑΙ, 12. — Ιδρύεται ταμείον διά την νοσοκομειακήν περίθαλψιν των δικηγόρων των επαρχιών.
ΤΟ ΧΡΗΜΑΤΙΣΤΗΡΙΟΝ ΤΩΝ ΕΜΠΟΡΕΥΜΑΤΩΝ
Το δελτίον κινήσεως του χρηματιστηρίου εμπορευμάτων: ΣΙΤΑΡΙ σκληρόν δρχ. 3.00 — ΚΡΙΘΑΡΙ δρχ. 2.40 — ΑΡΑΒΟΣΙΤΟΣ δρχ. 2.60 — ΒΡΩΜΗ δρχ. 2.25 — ΣΙΚΑΛΗ δρχ. 2.40 — ΦΑΣΟΛΙΑ δρχ. 9.00 — ΡΕΒΥΘΙΑ δρχ. 7.50 — ΦΑΚΗ δρχ. 6.80 — ΕΛΑΙΑ Α' δρχ. 20.00 — ΕΛΑΙΟΛΑΔΟΝ δρχ. 24.50 — ΒΑΜΒΑΚΙ δρχ. 12.00 — ΟΡΥΖΑ ΖΑΧΑΡΙΣ — ΚΑΦΕΣ δρχ. 40.00.
Το δελτίον κινήσεως του χρηματιστηρίου εμπορευμάτων: ΣΙΤΑΡΙ σκληρόν δρχ. 3.00 — ΚΡΙΘΑΡΙ δρχ. 2.40 — ΑΡΑΒΟΣΙΤΟΣ δρχ. 2.60 — ΒΡΩΜΗ δρχ. 2.25 — ΣΙΚΑΛΗ δρχ. 2.40 — ΦΑΣΟΛΙΑ δρχ. 9.00 — ΡΕΒΥΘΙΑ δρχ. 7.50 — ΦΑΚΗ δρχ. 6.80 — ΕΛΑΙΑ Α' δρχ. 20.00 — ΕΛΑΙΟΛΑΔΟΝ δρχ. 24.50 — ΒΑΜΒΑΚΙ δρχ. 12.00 — ΟΡΥΖΑ ΖΑΧΑΡΙΣ — ΚΑΦΕΣ δρχ. 40.00.
Το δελτίον κινήσεως του χρηματιστηρίου εμπορευμάτων: ΣΙΤΑΡΙ σκληρόν δρχ. 3.00 — ΚΡΙΘΑΡΙ δρχ. 2.40 — ΑΡΑΒΟΣΙΤΟΣ δρχ. 2.60 — ΒΡΩΜΗ δρχ. 2.25 — ΣΙΚΑΛΗ δρχ. 2.40 — ΦΑΣΟΛΙΑ δρχ. 9.00 — ΡΕΒΥΘΙΑ δρχ. 7.50 — ΦΑΚΗ δρχ. 6.80 — ΕΛΑΙΑ Α' δρχ. 20.00 — ΕΛΑΙΟΛΑΔΟΝ δρχ. 24.50 — ΒΑΜΒΑΚΙ δρχ. 12.00 — ΟΡΥΖΑ ΖΑΧΑΡΙΣ — ΚΑΦΕΣ δρχ. 40.00.
Το δελτίον κινήσεως του χρηματιστηρίου εμπορευμάτων: ΣΙΤΑΡΙ σκληρόν δρχ. 3.00 — ΚΡΙΘΑΡΙ δρχ. 2.40 — ΑΡΑΒΟΣΙΤΟΣ δρχ. 2.60 — ΒΡΩΜΗ δρχ. 2.25 — ΣΙΚΑΛΗ δρχ. 2.40 — ΦΑΣΟΛΙΑ δρχ. 9.00 — ΡΕΒΥΘΙΑ δρχ. 7.50 — ΦΑΚΗ δρχ. 6.80 — ΕΛΑΙΑ Α' δρχ. 20.00 — ΕΛΑΙΟΛΑΔΟΝ δρχ. 24.50 — ΒΑΜΒΑΚΙ δρχ. 12.00 — ΟΡΥΖΑ ΖΑΧΑΡΙΣ — ΚΑΦΕΣ δρχ. 40.00.
ΚΑΤΕΔΙΚΑΣΘΗΣΑΝ ΔΙΑ ΠΑΡΑΝΟΜΟΝ ΣΥΝΑΛΛΑΓΗΝ ΞΕΝΩΝ ΝΟΜΙΣΜΑΤΩΝ
ΑΘΗΝΑΙ, 12. — Υπό του Τριμελούς Πλημμελειοδικείου κατεδικάσθησαν τρεις κατηγορούμενοι διά παράνομον συναλλαγήν ξένων νομισμάτων.
ΑΘΗΝΑΙ, 12. — Υπό του Τριμελούς Πλημμελειοδικείου κατεδικάσθησαν τρεις κατηγορούμενοι διά παράνομον συναλλαγήν ξένων νομισμάτων.
ΕΙΣ 50 ΚΑΙ 30 ΛΕΠΤΑ ΘΑ ΟΡΙΣΘΟΥΝ ΑΙ ΕΠΙΔΟΤΗΣΕΙΣ ΔΙΑ ΤΑ ΠΟΡΤΟΚΑΛΙΑ
ΑΘΗΝΑΙ, 12. — Αι επιδοτήσεις διά την εξαγωγήν πορτοκαλίων θα ορισθούν εις 50 και 30 λεπτά κατ' οκάν.
ΑΘΗΝΑΙ, 12. — Αι επιδοτήσεις διά την εξαγωγήν πορτοκαλίων θα ορισθούν εις 50 και 30 λεπτά κατ' οκάν.
Η ΣΥΝΕΡΓΑΣΙΑ ΜΕ ΤΗΝ ΤΥΝΗΣΙΑΝ ΕΙΣ ΤΗΝ ΑΛΙΕΙΑΝ
ΑΘΗΝΑΙ, 12. — Ο υφυπουργός Εμπορικής Ναυτιλίας εδέχθη αντιπροσωπείαν της Τυνησίας διά την συνεργασίαν εις την αλιείαν.
«ΡΕΚΤΑΙ», ΔΙΑΡΡΗΚΤΑΙ ΕΦΑΓΟΝ ΚΟΤΟΠΟΥΛΑ ΚΑΙ ΚΑΤΗΝΑΛΩΣΑΝ ΟΙΝΟΝ
Αγνωστοι διαρρήκται εισήλθον εις οικίαν όπου έφαγον κοτόπουλα και κατηνάλωσαν οίνον.
Αγνωστοι διαρρήκται εισήλθον εις οικίαν όπου έφαγον κοτόπουλα και κατηνάλωσαν οίνον.
ΕΙΣ ΤΑΣ ΑΘΗΝΑΣ
ΠΡΟΣΕΠΟΙΗΘΗ ΤΟΝ ΑΜΕΡΙΚΑΝΟΝ ΚΑΙ ΕΠΕΧΕΙΡΗΣΕΝ ΑΠΑΤΗΝ
ΑΘΗΝΑΙ, 12. — Συνελήφθη άτομον το οποίον προσεποιείτο τον Αμερικανόν και επεχείρησε να αποσπάση χρήματα.
ΑΥΣΤΗΡΙΚΟΣ ΦΥΓΟΠΟΙΝΟΣ ΣΥΝΕΛΗΦΘΗ ΕΙΣ ΤΗΝ ΘΕΣΣΑΛΟΝΙΚΗΝ
Συνελήφθη εις την Θεσσαλονίκην Αυστριακός φυγόποινος καταζητούμενος υπό των αρχών.
ΚΑΙ ΑΛΛΗ ΔΙΑΡΡΗΞΙΣ ΤΥΠΟΥ «ΡΙΦΙΦΙ» ΕΙΣ ΩΡΟΛΟΓΟΠΟΙΕΙΟΝ
ΤΡΙΚΑΛΑ, 12. — Διαρρήκται εισήλθον εις ωρολογοποιείον διατρήσαντες τον τοίχον.
ΣΤΡΑΤΙΩΤΗΣ ΑΠΕΠΕΙΡΑΘΗ ΝΑ ΑΥΤΟΚΤΟΝΗΣΗ ΜΕ ΤΟ ΟΠΛΟΝ ΤΟΥ
ΣΕΡΡΑΙ, 12. — Στρατιώτης απεπειράθη να αυτοκτονήση με το όπλον του. Μετεφέρθη εις το στρατιωτικόν νοσοκομείον.
ΠΛΗΡΩΜΗ ΣΥΝΤΑΞΕΩΝ ΥΠΟ ΤΟΥ ΤΕΒΕ
Υπό του ΤΕΒΕ ανακοινούται η πληρωμή των συντάξεων κατά τας κάτωθι ημερομηνίας.
Υπό του ΤΕΒΕ ανακοινούται η πληρωμή των συντάξεων κατά τας κάτωθι ημερομηνίας.
ΑΝΕΛΑΒΕ ΚΑΘΗΚΟΝΤΑ Ο ΝΟΜΑΡΧΗΣ ΣΕΡΡΩΝ
ΣΕΡΡΑΙ, 12. — Ανέλαβε τα καθήκοντά του ο νέος νομάρχης Σερρών.
ΠΑΡΕΠΕΜΦΘΗ ΔΙ ΕΚΜΕΤΑΛΛΕΥΣΙΝ ΠΟΡΝΩΝ
Παρεπέμφθη εις δίκην κατηγορούμενος δι' εκμετάλλευσιν πορνών.
ΥΠΟΣΧΕΘΗ «ΜΕΣΙΤΕΙΑΝ» ΑΠΕΣΠΑΣΕ 10.000 ΔΡΑΧΜΑΣ
ΑΘΗΝΑΙ, 12. — Απατεών υποσχεθείς μεσιτείαν απέσπασεν 10.000 δραχμάς.
ΤΡΙΜΗΝΟΣ ΦΥΛΑΚΙΣΙΣ ΔΙΑ ΚΛΟΠΗΝ 1.500 ΔΡΧ.
Κατεδικάσθη εις τρίμηνον φυλάκισιν διά κλοπήν 1.500 δραχμών.
ΔΙΜΗΝΟΣ ΦΥΛΑΚΙΣΙΣ ΔΙΑ ΜΟΙΧΑΛΙΔΑ
Η Συγκοινή Πανσάλδου, ετών 40, κατεδικάσθη εις δίμηνον φυλάκισιν.
✷	ΣΕΛΙΣ 7
ΣΤΡΑΤΙΩΤΗΣ ΕΦΟΝΕΥΘΗ ΕΚ ΚΡΗΜΝΙΣΕΩΣ ΓΚΡΕΪ-ΝΤΕΡ ΚΑΙ ΜΙΑ ΓΡΑΙΑ ΠΑΡΑΣΥΡΘΕΙΣΑ ΥΠΟ ΑΥΤΟΚΙΝΗΤΟΥ Ι.Χ.
ΕΠΤΑ ΤΡΑΥΜΑΤΙΑΙ ΕΙΣ ΤΗΝ ΠΕΡΙΟΧΗΝ ΘΕΣΣΑΛΟΝΙΚΗΣ
Την 10ην π.μ. χθές, κατά την διέλευσιν του γκρέιντερ, κατεκρημνίσθη τούτο και εφονεύθη ο στρατιώτης οδηγός. Η γραία παρασυρθείσα υπό αυτοκινήτου Ι.Χ. μετεφέρθη εις το νοσοκομείον όπου εξέπνευσε. Κατά την ιδίαν ημέραν σημειώθησαν επτά τραυματισμοί εις διάφορα σημεία της περιοχής.
Την 10ην π.μ. χθές, κατά την διέλευσιν του γκρέιντερ, κατεκρημνίσθη τούτο και εφονεύθη ο στρατιώτης οδηγός. Η γραία παρασυρθείσα υπό αυτοκινήτου Ι.Χ. μετεφέρθη εις το νοσοκομείον όπου εξέπνευσε. Κατά την ιδίαν ημέραν σημειώθησαν επτά τραυματισμοί εις διάφορα σημεία της περιοχής.
ΕΦΟΝΕΥΘΗ ΣΤΡΑΤΙΩΤΗΣ
Την 10ην π.μ. χθές, κατά την διέλευσιν του γκρέιντερ, κατεκρημνίσθη τούτο και εφονεύθη ο στρατιώτης οδηγός. Η γραία παρασυρθείσα υπό αυτοκινήτου Ι.Χ. μετεφέρθη εις το νοσοκομείον όπου εξέπνευσε. Κατά την ιδίαν ημέραν σημειώθησαν επτά τραυματισμοί εις διάφορα σημεία της περιοχής.
ΕΦΟΝΕΥΘΗ ΓΡΑΙΑ
ΑΘΗΝΑΙ, 12. — Η ηλικιωμένη γυνή παρεσύρθη υπό αυτοκινήτου ιδιωτικής χρήσεως και απεβίωσεν.
ΠΛΗΓΜΑ ΚΑΤΑ ΤΗΣ ΔΥΣΕΩΣ ΚΑΙ ΤΗΣ ΚΙΝΑΣ Η ΕΠΙΤΥΧΙΑ ΕΙΣ ΤΗΝ ΤΑΣΚΕΝΔΗΝ ΤΗΣ ΔΙΠΛΩΜΑΤΙΑΣ ΤΗΣ ΣΟΒΙΕΤΙΚΗΣ ΕΝΩΣΕΩΣ
ΒΑΡΣΟΒΙΑ, 12. — Η επιτυχία της σοβιετικής διπλωματίας εις την Τασκένδην χαρακτηρίζεται ως πλήγμα κατά της Δύσεως και της Κίνας. Η διάσκεψις Ινδίας και Πακιστάν κατέληξεν εις συμφωνίαν.
ΒΑΡΣΟΒΙΑ, 12. — Η επιτυχία της σοβιετικής διπλωματίας εις την Τασκένδην χαρακτηρίζεται ως πλήγμα κατά της Δύσεως και της Κίνας. Η διάσκεψις Ινδίας και Πακιστάν κατέληξεν εις συμφωνίαν.
ΒΑΡΣΟΒΙΑ, 12. — Η επιτυχία της σοβιετικής διπλωματίας εις την Τασκένδην χαρακτηρίζεται ως πλήγμα κατά της Δύσεως και της Κίνας. Η διάσκεψις Ινδίας και Πακιστάν κατέληξεν εις συμφωνίαν.
ΑΙΓΥΠΤΙΑΚΑ ΣΧΟΛΙΑ
ΚΑΪΡΟΝ, 12. — Η εφημερίς «Αλ Αχράμ» σχολιάζει τα αποτελέσματα της διασκέψεως.
ΧΕΙΡΟΦΙΛΙΑ ΑΒΡΟΤΗΤΟΣ
ΒΟΜΒΑΗ, 12. — Ο πρωθυπουργός ευχαρίστησε την σοβιετικήν κυβέρνησιν.
ΤΑΡΑΧΑΙ ΕΙΣ ΚΑΡΑΧΙ
ΚΑΡΑΧΙ, 12. — Φοιτηταί διαδηλώνουν εις τους δρόμους.
Η ΚΙΝΑ ΕΠΙΚΡΙΝΕΙ ΩΣ ΑΝΤΙΣΟΣΙΑΛΙΣΤΙΚΗΝ ΤΗΝ «ΡΕΒΙΖΙΟΝΙΣΤΙΚΗΝ ΤΕΧΝΗΝ» ΤΗΝ ΑΝΑΠΤΥΣΣΟΜΕΝΗΝ ΕΙΣ ΤΗΝ ΡΩΣΣΙΑΝ
ΤΟΚΙΟ, 12. — Η κινεζική εφημερίς επικρίνει την σοβιετικήν τέχνην ως ρεβιζιονιστικήν.
ΠΡΟΣΦΕΡΕΙ ΕΙΣΦΟΡΑ ΔΙΑ ΤΗΝ ΣΥΝΟΜΟΣΠΟΝΔΙΑΝ ΤΩΝ ΑΥΤΟΚΙΝΗΤΙΣΤΩΝ
ΑΘΗΝΑΙ, 12. — Προσφέρεται εισφορά διά την συνομοσπονδίαν αυτοκινητιστών.
ΤΟΚΙΟ, 12. — Η κινεζική εφημερίς επικρίνει την σοβιετικήν τέχνην ως ρεβιζιονιστικήν.
ΤΟΚΙΟ, 12. — Η κινεζική εφημερίς επικρίνει την σοβιετικήν τέχνην ως ρεβιζιονιστικήν.
ΝΟΣΟΚΟΜΕΙΑ ΔΙΑ ΤΗΝ ΑΣΚΗΣΙΝ ΝΕΩΝ ΙΑΤΡΩΝ
ΑΘΗΝΑΙ, 12. — Εις το κρατικόν νοσοκομείον θα ασκούνται οι νέοι ιατροί.
ΤΟΚΙΟ, 12. — Η κινεζική εφημερίς επικρίνει την σοβιετικήν τέχνην ως ρεβιζιονιστικήν.
ΠΕΡΙΠΕΤΕΙΑ ΜΙΑΣ ΠΡΟΣΩΠΟΓΡΑΦΙΑΣ ΤΟΥ ΦΡΑΝΤΣ ΛΙΣΤ ΦΙΛΟΤΕΧΝΗΘΕΙΣΗΣ ΥΠΟ ΤΟΥ ΖΩΓΡΑΦΟΥ ΙΝΓΚΡΕΣ
ΜΟΝΑΧΟΝ, 12. — Η προσωπογραφία του Φραντς Λιστ, έργον του Ίνγκρες, ευρέθη εις ιδιωτικήν συλλογήν.
ΜΟΝΑΧΟΝ, 12. — Η προσωπογραφία του Φραντς Λιστ, έργον του Ίνγκρες, ευρέθη εις ιδιωτικήν συλλογήν.
ΔΕΝ ΕΙΝΑΙ ΕΥΧΕΡΗΣ, ΥΠΟΣΤΗΡΙΖΕΙ ΡΩΣΟΣ ΕΙΔΙΚΟΣ Η ΠΡΟΣΕΔΑΦΙΣΙΣ ΑΝΘΡΩΠΟΥ ΕΙΣ ΤΗΝ ΣΕΛΗΝΗΝ
ΜΟΣΧΑ, 12. — Σοβιετικός επιστήμων υποστηρίζει ότι η προσεδάφισις ανθρώπου εις την Σελήνην δεν είναι ευχερής.
ΟΙ ΕΠΙΛΕΓΕΝΤΕΣ ΓΕΝΙΚΟΙ ΕΠΙΘΕΩΡΗΤΑΙ ΣΤΟΙΧΕΙΩΔΟΥΣ ΠΑΙΔΕΙΑΣ
ΑΘΗΝΑΙ, 12. — Ανεκοινώθησαν τα ονόματα των επιλεγέντων γενικών επιθεωρητών στοιχειώδους παιδείας.
ΜΟΣΧΑ, 12. — Σοβιετικός επιστήμων υποστηρίζει ότι η προσεδάφισις ανθρώπου εις την Σελήνην δεν είναι ευχερής.
ΒΑΡΥΤΑΤΑΙ ΑΙ ΠΟΙΝΑΙ ΕΙΣ ΤΗΝ ΣΟΒ. ΡΩΣΣΙΑΝ ΚΑΤΑ ΤΟΥ ΚΑΘ' ΥΠΟΤΡΟΠΗΝ ΕΓΚΛΗΜΑΤΟΣ
ΜΟΣΧΑ, 12. — Αι ποιναί διά τους καθ' υποτροπήν εγκληματίας καθίστανται αυστηρότεραι.
ΜΟΣΧΑ, 12. — Αι ποιναί διά τους καθ' υποτροπήν εγκληματίας καθίστανται αυστηρότεραι.
ΑΡΧΙΖΟΥΝ ΑΙ ΠΡΟΕΤΟΙΜΑΣΙΑΙ ΕΙΣ ΒΟΥΛΓΑΡΙΑΝ ΔΙΑ ΤΑΣ ΠΡΟΣΕΧΕΙΣ ΒΟΥΛΕΥΤΙΚΑΣ ΕΚΛΟΓΑΣ
ΣΟΦΙΑ, 12. — Άρχισαν αι προετοιμασίαι διά τας προσεχείς βουλευτικάς εκλογάς.
